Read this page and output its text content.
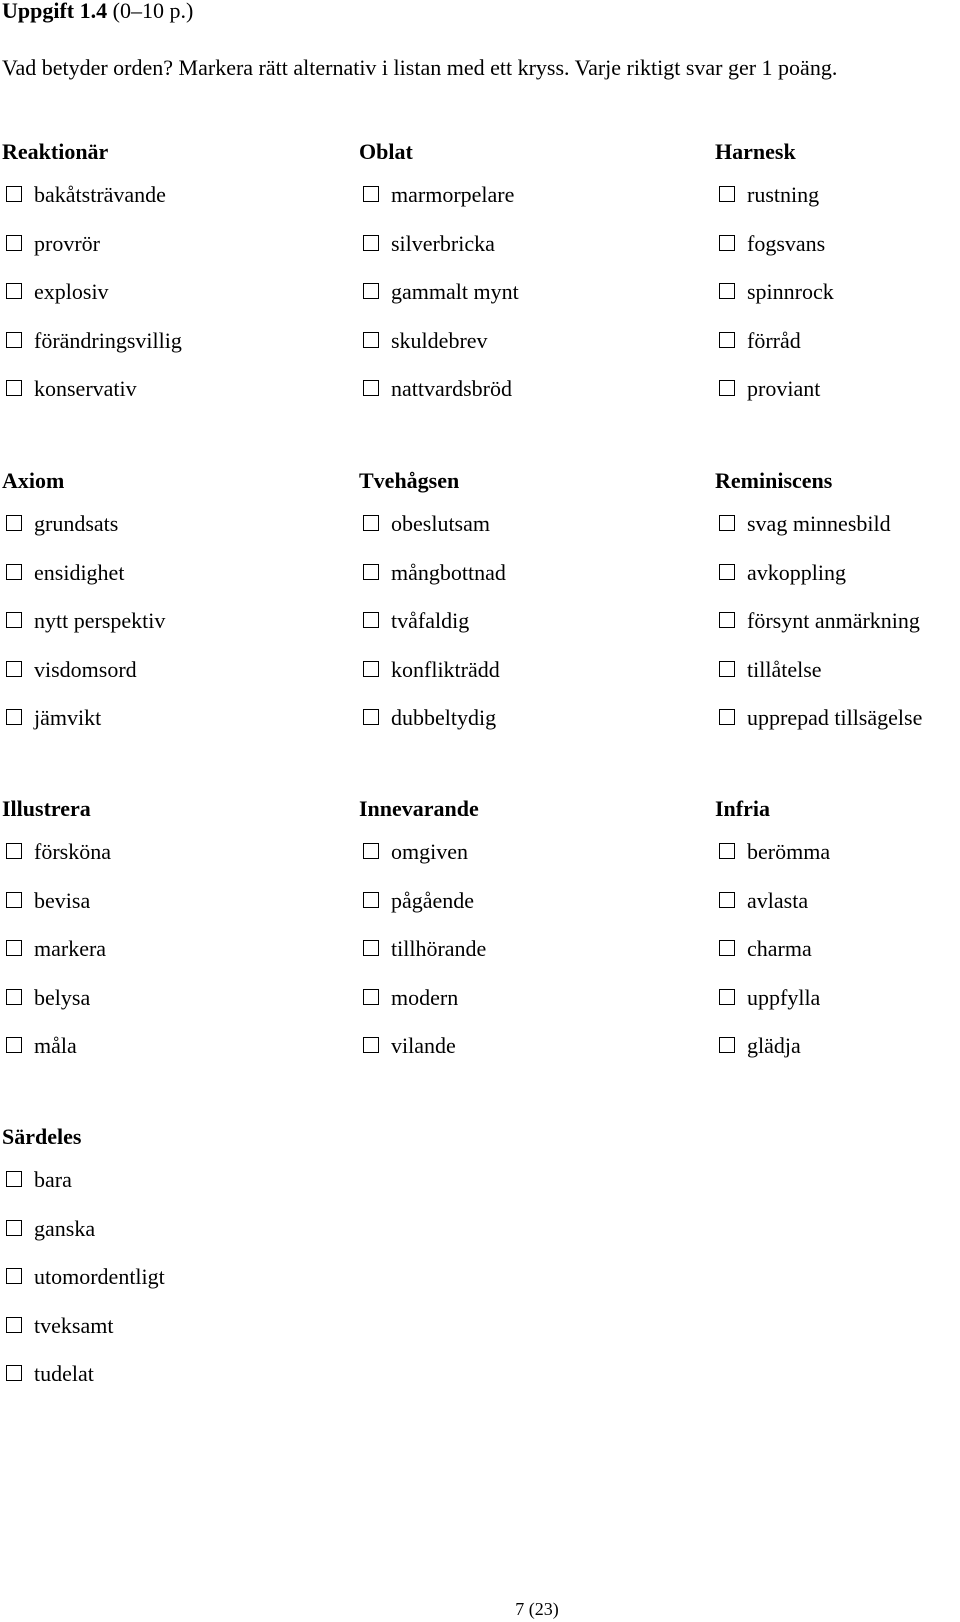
Uppgift 1.4 (0–10 p.)
Vad betyder orden? Markera rätt alternativ i listan med ett kryss. Varje riktigt svar ger 1 poäng.
Reaktionär
bakåtsträvande
provrör
explosiv
förändringsvillig
konservativ
Oblat
marmorpelare
silverbricka
gammalt mynt
skuldebrev
nattvardsbröd
Harnesk
rustning
fogsvans
spinnrock
förråd
proviant
Axiom
grundsats
ensidighet
nytt perspektiv
visdomsord
jämvikt
Tvehågsen
obeslutsam
mångbottnad
tvåfaldig
konfliktrӓdd
dubbeltydig
Reminiscens
svag minnesbild
avkoppling
försynt anmärkning
tillåtelse
upprepad tillsägelse
Illustrera
försköna
bevisa
markera
belysa
måla
Innevarande
omgiven
pågående
tillhörande
modern
vilande
Infria
berömma
avlasta
charma
uppfylla
glädja
Särdeles
bara
ganska
utomordentligt
tveksamt
tudelat
7 (23)
